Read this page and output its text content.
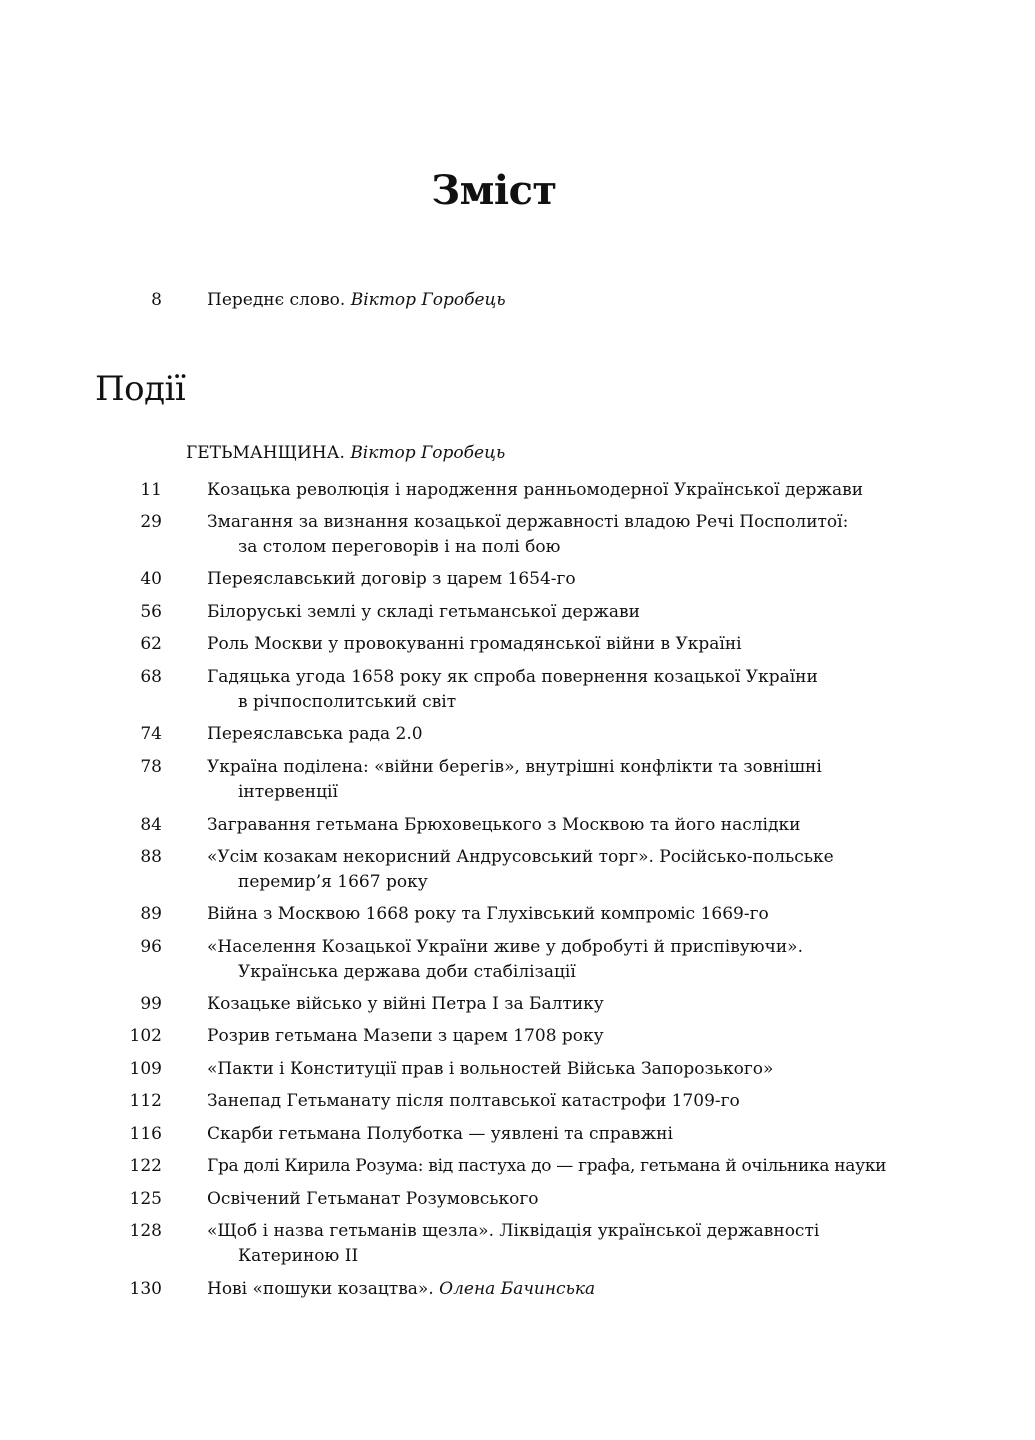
Зміст
8	Переднє слово. Віктор Горобець
Події
ГЕТЬМАНЩИНА. Віктор Горобець
11	Козацька революція і народження ранньомодерної Української держави
29	Змагання за визнання козацької державності владою Речі Посполитої:
за столом переговорів і на полі бою
40	Переяславський договір з царем 1654-го
56	Білоруські землі у складі гетьманської держави
62	Роль Москви у провокуванні громадянської війни в Україні
68	Гадяцька угода 1658 року як спроба повернення козацької України
в річпосполитський світ
74	Переяславська рада 2.0
78	Україна поділена: «війни берегів», внутрішні конфлікти та зовнішні
інтервенції
84	Загравання гетьмана Брюховецького з Москвою та його наслідки
88	«Усім козакам некорисний Андрусовський торг». Російсько-польське
перемир’я 1667 року
89	Війна з Москвою 1668 року та Глухівський компроміс 1669-го
96	«Населення Козацької України живе у добробуті й приспівуючи».
Українська держава доби стабілізації
99	Козацьке військо у війні Петра І за Балтику
102	Розрив гетьмана Мазепи з царем 1708 року
109	«Пакти і Конституції прав і вольностей Війська Запорозького»
112	Занепад Гетьманату після полтавської катастрофи 1709-го
116	Скарби гетьмана Полуботка — уявлені та справжні
122	Гра долі Кирила Розума: від пастуха до — графа, гетьмана й очільника науки
125	Освічений Гетьманат Розумовського
128	«Щоб і назва гетьманів щезла». Ліквідація української державності
Катериною ІІ
130	Нові «пошуки козацтва». Олена Бачинська
